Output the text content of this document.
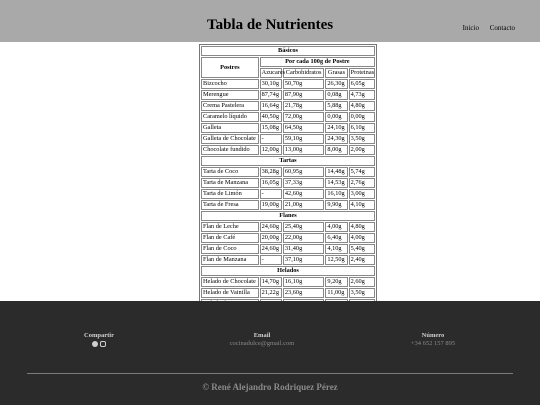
Tabla de Nutrientes	Inicio Contacto
Básicos				
Postres	Por cada 100g de Postre			
	Azucares	Carbohidratos	Grasas	Proteinas
Bizcocho	30,10g	50,70g	26,30g	6,05g
Merengue	87,74g	87,90g	0,08g	4,73g
Crema Pastelera	16,64g	21,78g	5,88g	4,80g
Caramelo líquido	40,50g	72,00g	0,00g	0,00g
Galleta	15,08g	64,50g	24,10g	6,10g
Galleta de Chocolate	-	59,10g	24,30g	3,50g
Chocolate fundido	12,00g	13,00g	8,00g	2,00g
Tartas				
Tarta de Coco	38,28g	60,95g	14,48g	5,74g
Tarta de Manzana	16,05g	37,33g	14,53g	2,76g
Tarta de Limón	-	42,60g	16,10g	3,00g
Tarta de Fresa	19,00g	21,00g	9,90g	4,10g
Flanes				
Flan de Leche	24,60g	25,40g	4,00g	4,80g
Flan de Café	20,00g	22,00g	6,40g	4,00g
Flan de Coco	24,60g	31,40g	4,10g	5,40g
Flan de Manzana	-	37,10g	12,50g	2,40g
Helados				
Helado de Chocolate	14,70g	16,10g	9,20g	2,60g
Helado de Vainilla	21,22g	23,60g	11,00g	3,50g

Compartir	Email
cocinadulce@gmail.com
Número
+34 652 157 895
© René Alejandro Rodriquez Pérez
